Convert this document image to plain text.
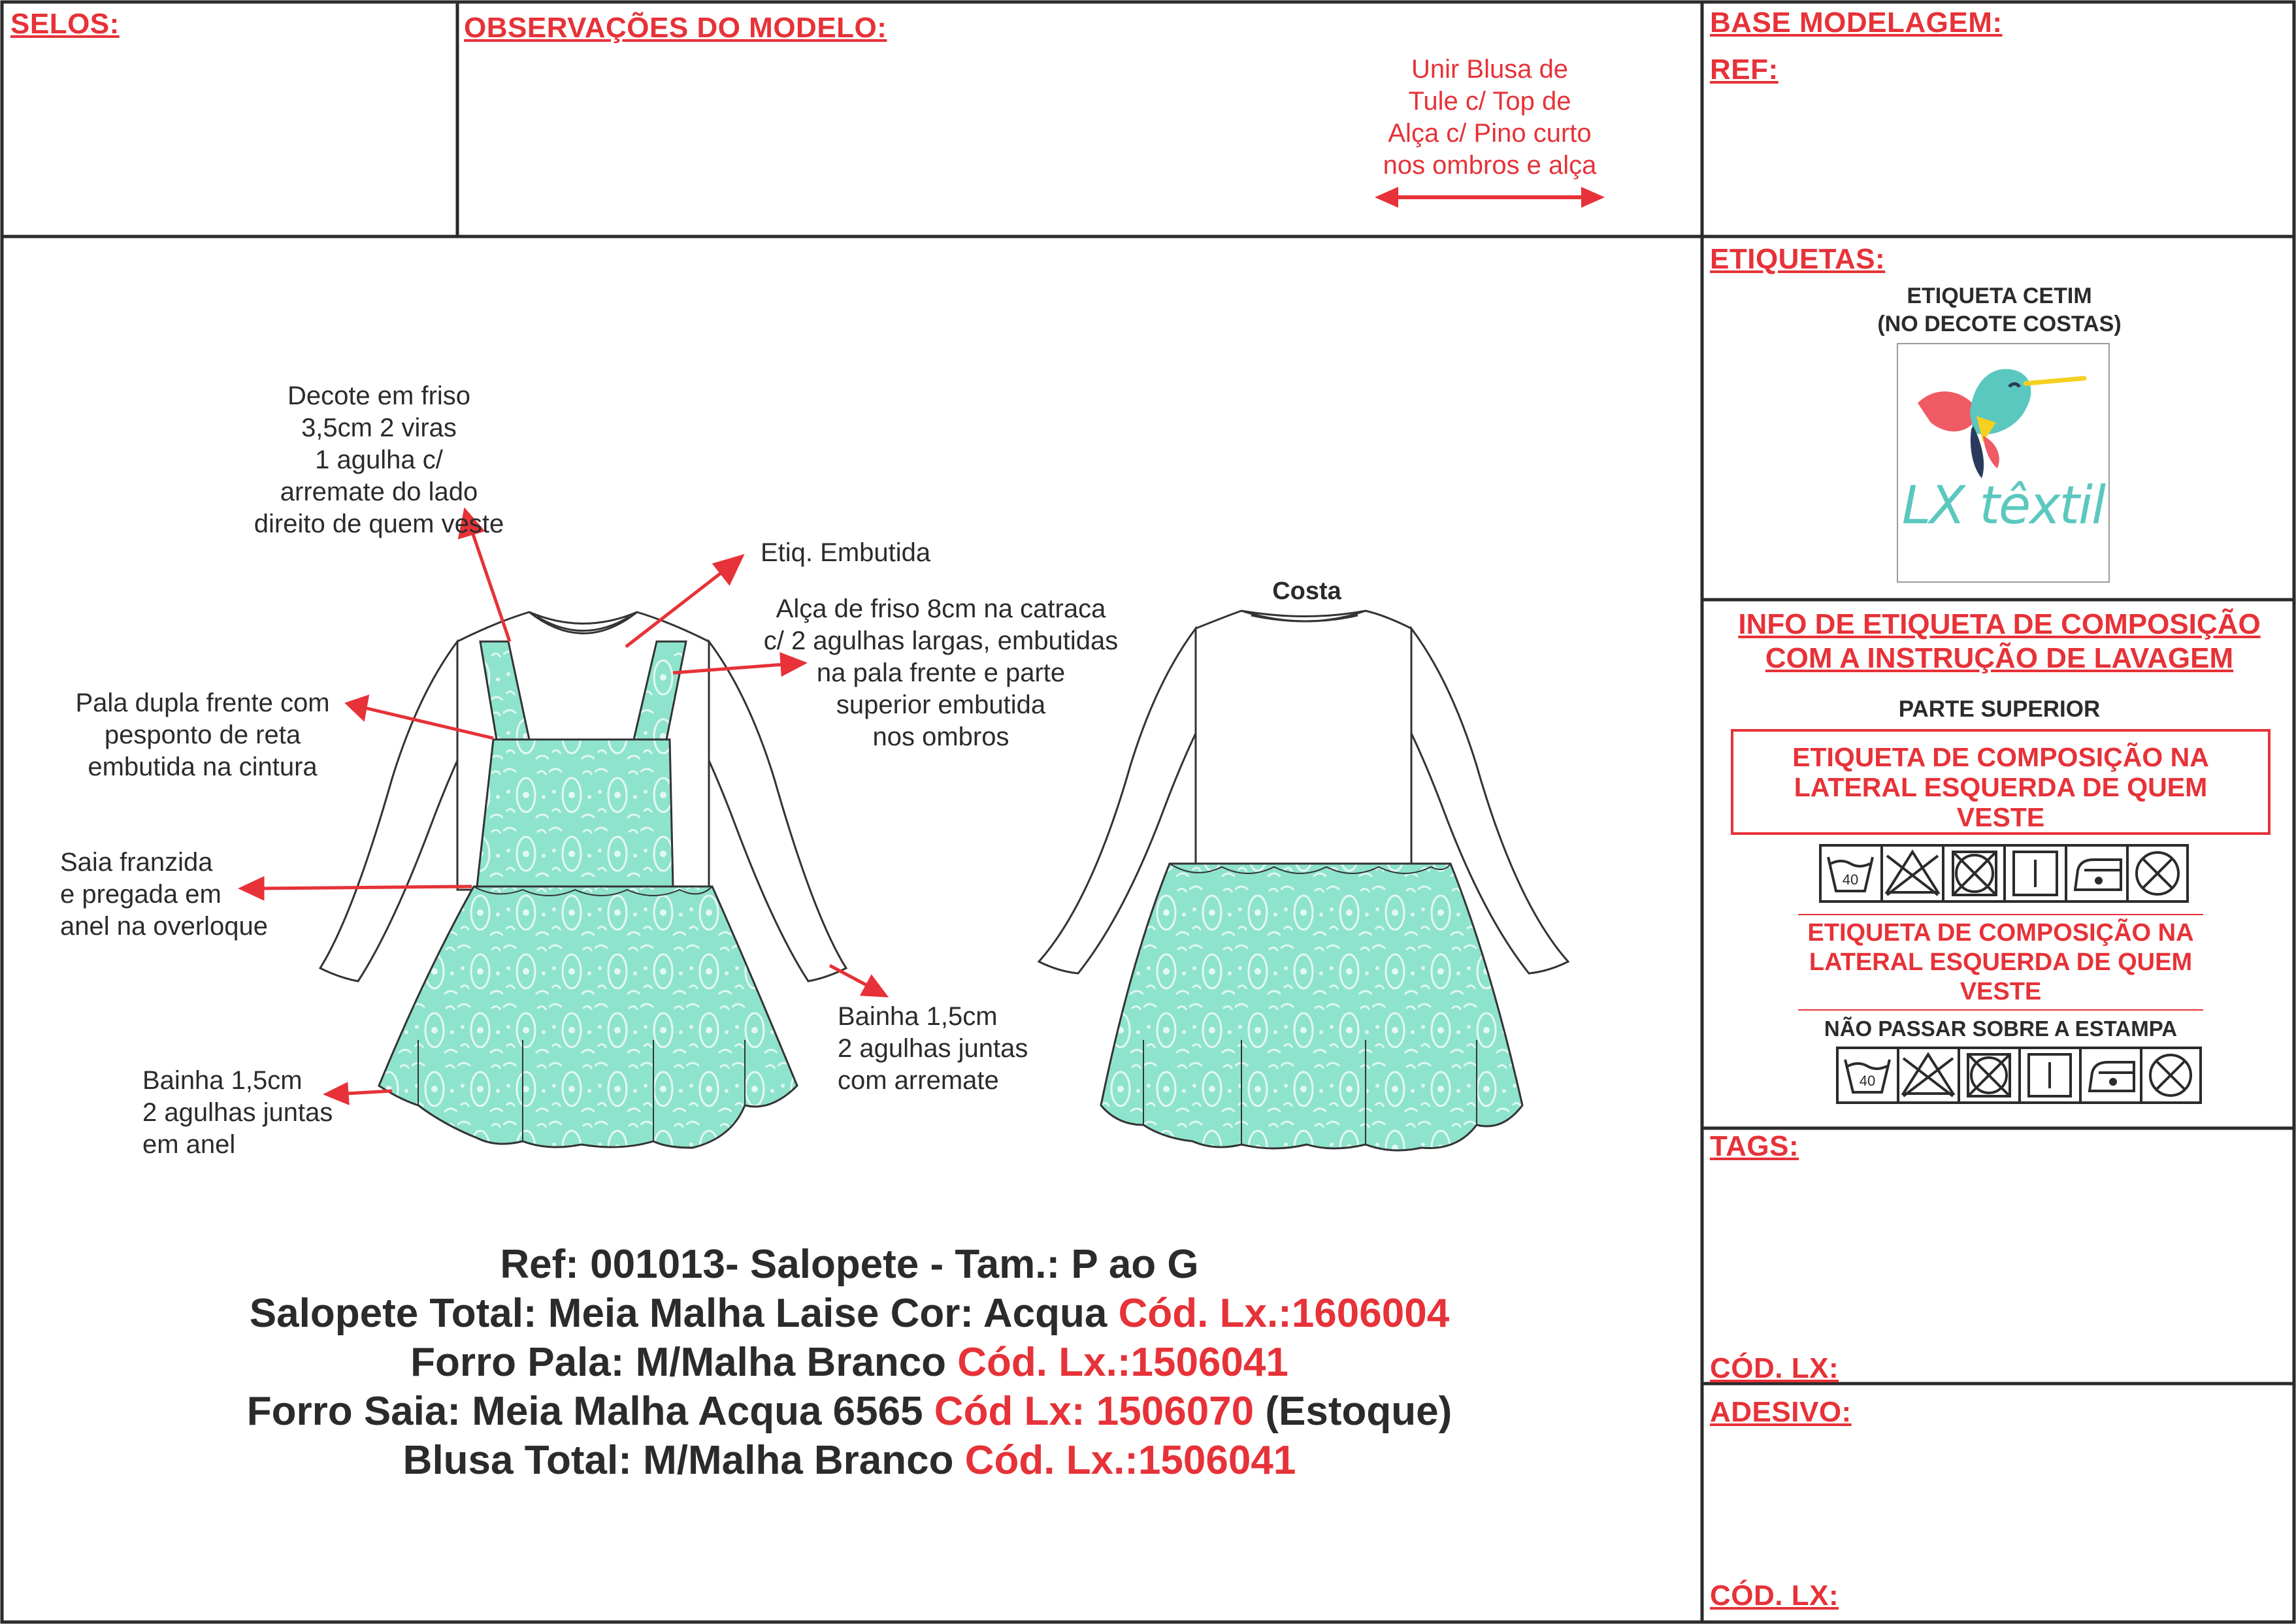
SELOS:	OBSERVAÇÕES DO MODELO:	BASE MODELAGEM:
REF:
ETIQUETAS:
TAGS:
CÓD. LX:
ADESIVO:
CÓD. LX:
Unir Blusa de
Tule c/ Top de
Alça c/ Pino curto
nos ombros e alça
ETIQUETA CETIM
(NO DECOTE COSTAS)
LX têxtil
INFO DE ETIQUETA DE COMPOSIÇÃO
COM A INSTRUÇÃO DE LAVAGEM
PARTE SUPERIOR
ETIQUETA DE COMPOSIÇÃO NA
LATERAL ESQUERDA DE QUEM
VESTE
40
ETIQUETA DE COMPOSIÇÃO NA
LATERAL ESQUERDA DE QUEM
VESTE
NÃO PASSAR SOBRE A ESTAMPA
40
Decote em friso
3,5cm 2 viras
1 agulha c/
arremate do lado
direito de quem veste
Etiq. Embutida
Alça de friso 8cm na catraca
c/ 2 agulhas largas, embutidas
na pala frente e parte
superior embutida
nos ombros
Pala dupla frente com
pesponto de reta
embutida na cintura
Saia franzida
e pregada em
anel na overloque
Bainha 1,5cm
2 agulhas juntas
com arremate
Bainha 1,5cm
2 agulhas juntas
em anel
Costa
Ref: 001013- Salopete - Tam.: P ao G
Salopete Total: Meia Malha Laise Cor: Acqua Cód. Lx.:1606004
Forro Pala: M/Malha Branco Cód. Lx.:1506041
Forro Saia: Meia Malha Acqua 6565 Cód Lx: 1506070 (Estoque)
Blusa Total: M/Malha Branco Cód. Lx.:1506041
